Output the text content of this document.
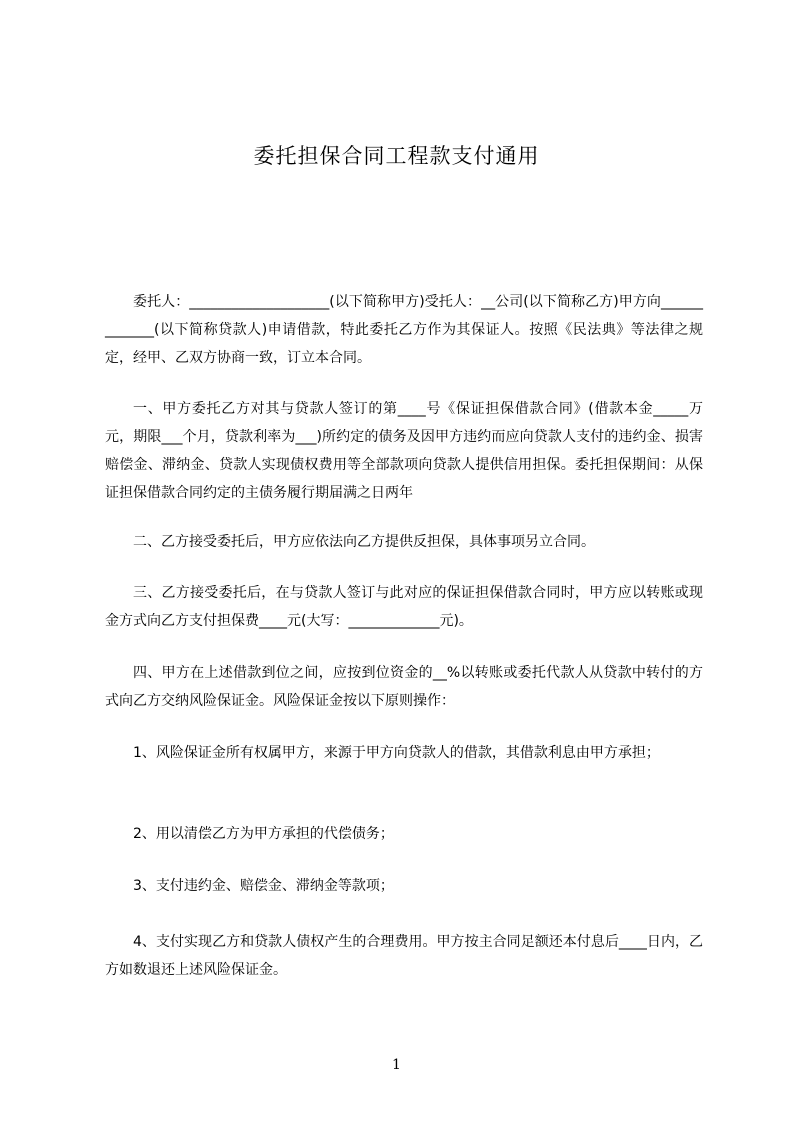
委托担保合同工程款支付通用

委托人：____________________(以下简称甲方)受托人：__公司(以下简称乙方)甲方向_____________(以下简称贷款人)申请借款，特此委托乙方作为其保证人。按照《民法典》等法律之规定，经甲、乙双方协商一致，订立本合同。

一、甲方委托乙方对其与贷款人签订的第____号《保证担保借款合同》(借款本金_____万元，期限___个月，贷款利率为___)所约定的债务及因甲方违约而应向贷款人支付的违约金、损害赔偿金、滞纳金、贷款人实现债权费用等全部款项向贷款人提供信用担保。委托担保期间：从保证担保借款合同约定的主债务履行期届满之日两年

二、乙方接受委托后，甲方应依法向乙方提供反担保，具体事项另立合同。

三、乙方接受委托后，在与贷款人签订与此对应的保证担保借款合同时，甲方应以转账或现金方式向乙方支付担保费____元(大写：_____________元)。

四、甲方在上述借款到位之间，应按到位资金的__%以转账或委托代款人从贷款中转付的方式向乙方交纳风险保证金。风险保证金按以下原则操作：

1、风险保证金所有权属甲方，来源于甲方向贷款人的借款，其借款利息由甲方承担；

2、用以清偿乙方为甲方承担的代偿债务；

3、支付违约金、赔偿金、滞纳金等款项；

4、支付实现乙方和贷款人债权产生的合理费用。甲方按主合同足额还本付息后____日内，乙方如数退还上述风险保证金。

1
